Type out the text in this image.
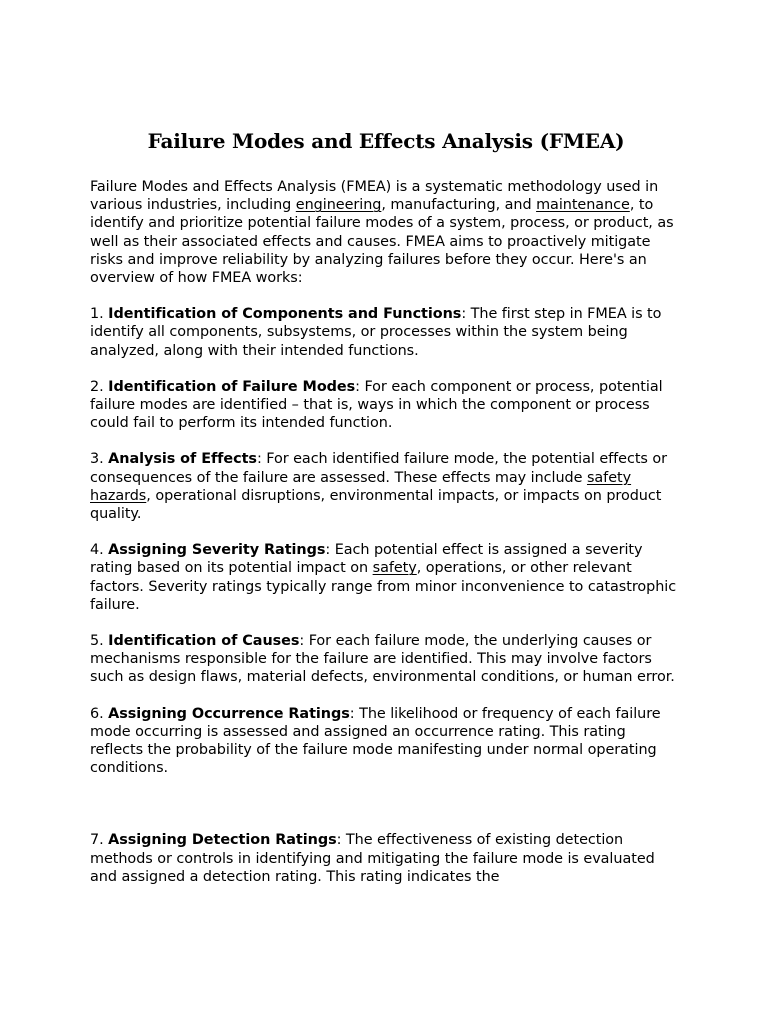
Failure Modes and Effects Analysis (FMEA)

Failure Modes and Effects Analysis (FMEA) is a systematic methodology used in various industries, including engineering, manufacturing, and maintenance, to identify and prioritize potential failure modes of a system, process, or product, as well as their associated effects and causes. FMEA aims to proactively mitigate risks and improve reliability by analyzing failures before they occur. Here's an overview of how FMEA works:

1. Identification of Components and Functions: The first step in FMEA is to identify all components, subsystems, or processes within the system being analyzed, along with their intended functions.

2. Identification of Failure Modes: For each component or process, potential failure modes are identified – that is, ways in which the component or process could fail to perform its intended function.

3. Analysis of Effects: For each identified failure mode, the potential effects or consequences of the failure are assessed. These effects may include safety hazards, operational disruptions, environmental impacts, or impacts on product quality.

4. Assigning Severity Ratings: Each potential effect is assigned a severity rating based on its potential impact on safety, operations, or other relevant factors. Severity ratings typically range from minor inconvenience to catastrophic failure.

5. Identification of Causes: For each failure mode, the underlying causes or mechanisms responsible for the failure are identified. This may involve factors such as design flaws, material defects, environmental conditions, or human error.

6. Assigning Occurrence Ratings: The likelihood or frequency of each failure mode occurring is assessed and assigned an occurrence rating. This rating reflects the probability of the failure mode manifesting under normal operating conditions.

7. Assigning Detection Ratings: The effectiveness of existing detection methods or controls in identifying and mitigating the failure mode is evaluated and assigned a detection rating. This rating indicates the
